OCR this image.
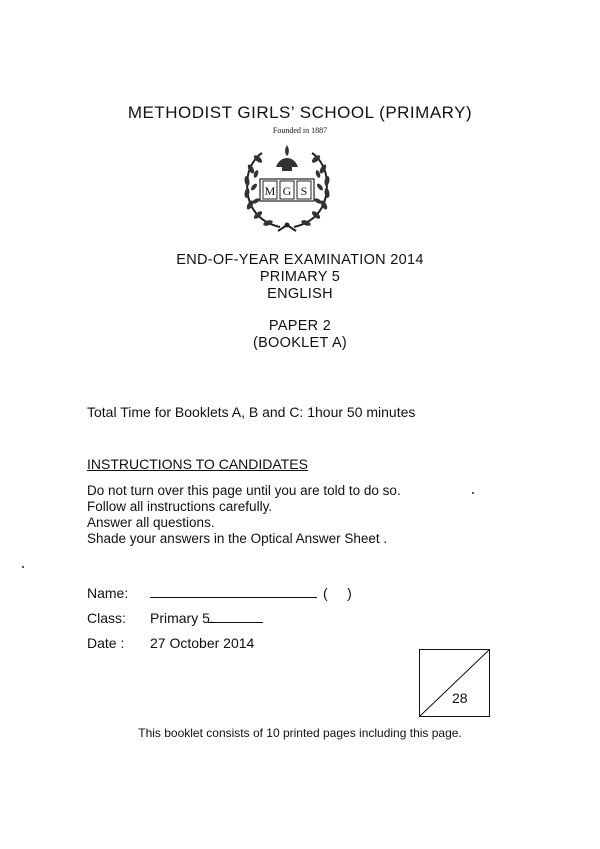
METHODIST GIRLS’ SCHOOL (PRIMARY)
Founded in 1887
M G S
END-OF-YEAR EXAMINATION 2014
PRIMARY 5
ENGLISH
PAPER 2
(BOOKLET A)
Total Time for Booklets A, B and C: 1hour 50 minutes
INSTRUCTIONS TO CANDIDATES
Do not turn over this page until you are told to do so.
Follow all instructions carefully.
Answer all questions.
Shade your answers in the Optical Answer Sheet .
Name:	(     )
Class: Primary 5.
Date : 27 October 2014
28
This booklet consists of 10 printed pages including this page.
